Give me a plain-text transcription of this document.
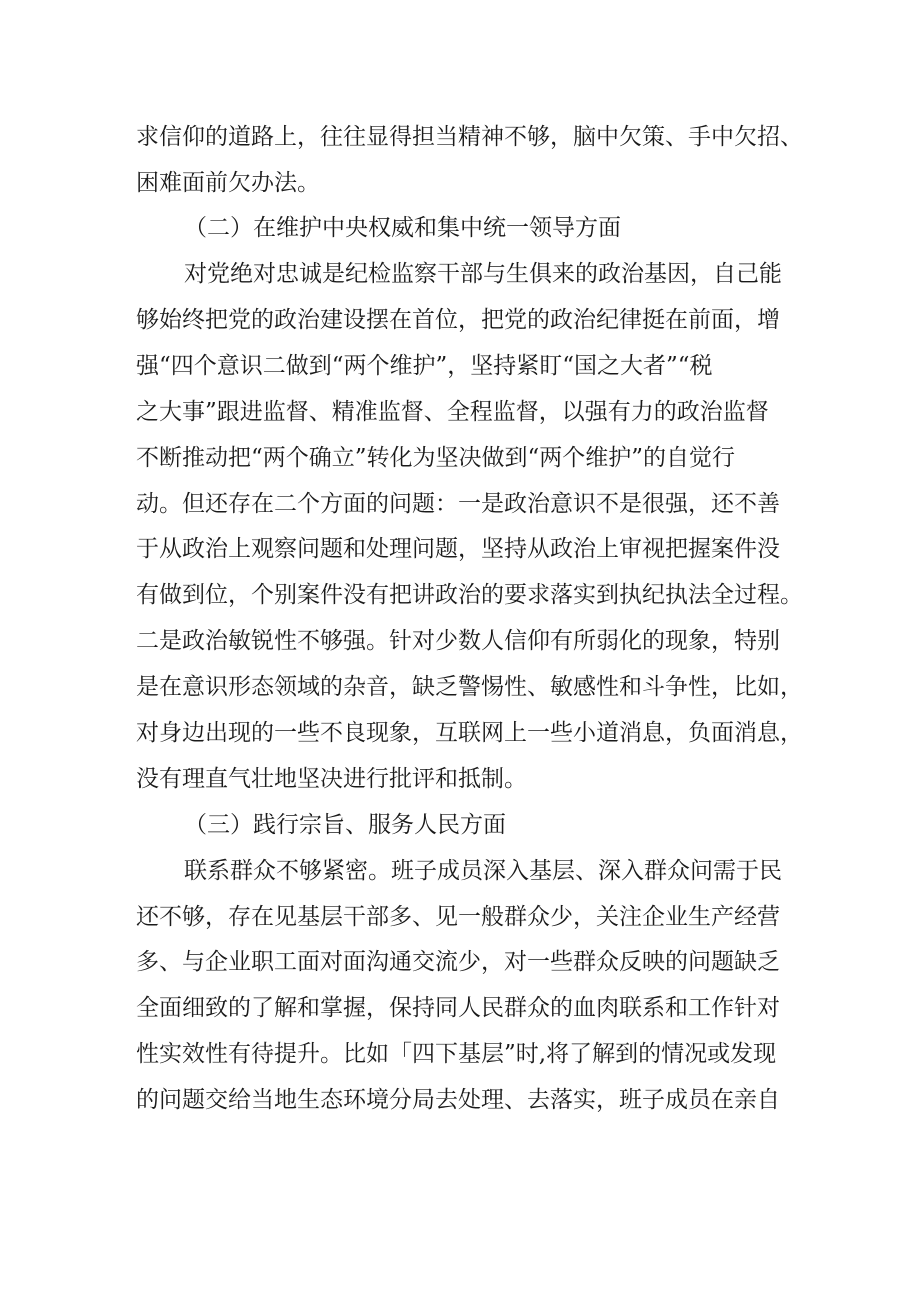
求信仰的道路上，往往显得担当精神不够，脑中欠策、手中欠招、
困难面前欠办法。
（二）在维护中央权威和集中统一领导方面
对党绝对忠诚是纪检监察干部与生俱来的政治基因，自己能
够始终把党的政治建设摆在首位，把党的政治纪律挺在前面，增
强“四个意识二做到“两个维护”，坚持紧盯“国之大者”“税
之大事”跟进监督、精准监督、全程监督，以强有力的政治监督
不断推动把“两个确立”转化为坚决做到“两个维护”的自觉行
动。但还存在二个方面的问题：一是政治意识不是很强，还不善
于从政治上观察问题和处理问题，坚持从政治上审视把握案件没
有做到位，个别案件没有把讲政治的要求落实到执纪执法全过程。
二是政治敏锐性不够强。针对少数人信仰有所弱化的现象，特别
是在意识形态领域的杂音，缺乏警惕性、敏感性和斗争性，比如，
对身边出现的一些不良现象，互联网上一些小道消息，负面消息，
没有理直气壮地坚决进行批评和抵制。
（三）践行宗旨、服务人民方面
联系群众不够紧密。班子成员深入基层、深入群众问需于民
还不够，存在见基层干部多、见一般群众少，关注企业生产经营
多、与企业职工面对面沟通交流少，对一些群众反映的问题缺乏
全面细致的了解和掌握，保持同人民群众的血肉联系和工作针对
性实效性有待提升。比如「四下基层”时,将了解到的情况或发现
的问题交给当地生态环境分局去处理、去落实，班子成员在亲自
